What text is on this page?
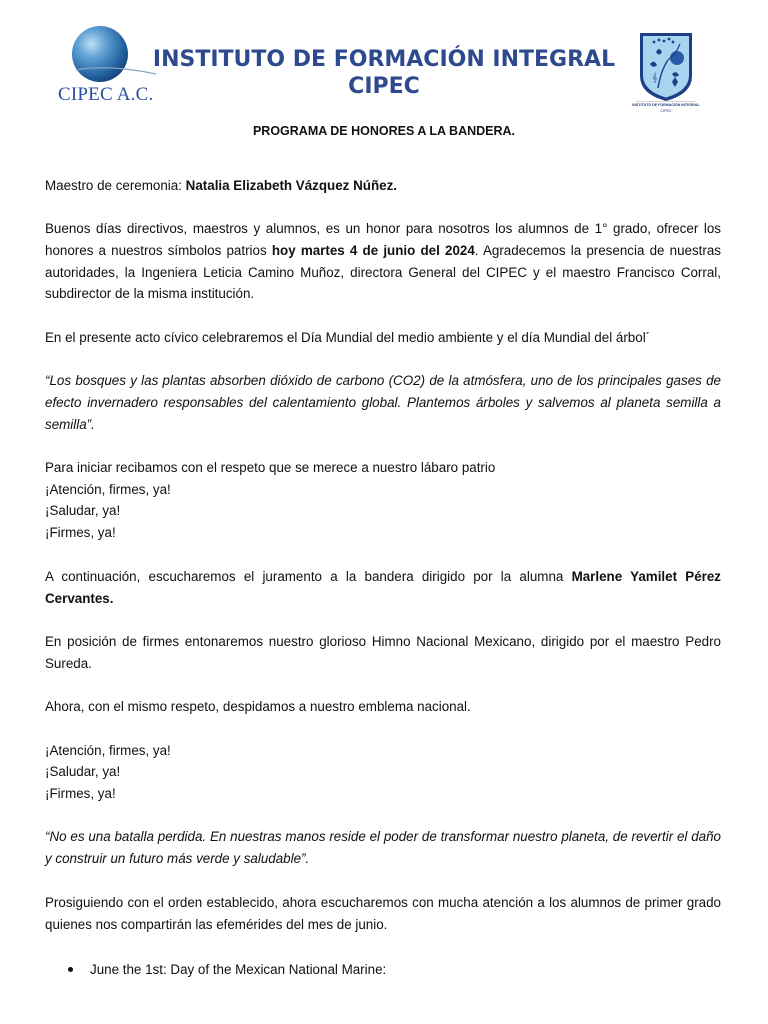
CIPEC A.C.
INSTITUTO DE FORMACIÓN INTEGRAL
CIPEC	𝄞
INSTITUTO DE FORMACIÓN INTEGRAL
CIPEC
PROGRAMA DE HONORES A LA BANDERA.

Maestro de ceremonia: Natalia Elizabeth Vázquez Núñez.

Buenos días directivos, maestros y alumnos, es un honor para nosotros los alumnos de 1° grado, ofrecer los honores a nuestros símbolos patrios hoy martes 4 de junio del 2024. Agradecemos la presencia de nuestras autoridades, la Ingeniera Leticia Camino Muñoz, directora General del CIPEC y el maestro Francisco Corral, subdirector de la misma institución.

En el presente acto cívico celebraremos el Día Mundial del medio ambiente y el día Mundial del árbol´

“Los bosques y las plantas absorben dióxido de carbono (CO2) de la atmósfera, uno de los principales gases de efecto invernadero responsables del calentamiento global. Plantemos árboles y salvemos al planeta semilla a semilla”.

Para iniciar recibamos con el respeto que se merece a nuestro lábaro patrio

¡Atención, firmes, ya!

¡Saludar, ya!

¡Firmes, ya!

A continuación, escucharemos el juramento a la bandera dirigido por la alumna Marlene Yamilet Pérez Cervantes.

En posición de firmes entonaremos nuestro glorioso Himno Nacional Mexicano, dirigido por el maestro Pedro Sureda.

Ahora, con el mismo respeto, despidamos a nuestro emblema nacional.

¡Atención, firmes, ya!

¡Saludar, ya!

¡Firmes, ya!

“No es una batalla perdida. En nuestras manos reside el poder de transformar nuestro planeta, de revertir el daño y construir un futuro más verde y saludable”.

Prosiguiendo con el orden establecido, ahora escucharemos con mucha atención a los alumnos de primer grado quienes nos compartirán las efemérides del mes de junio.

June the 1st: Day of the Mexican National Marine:
